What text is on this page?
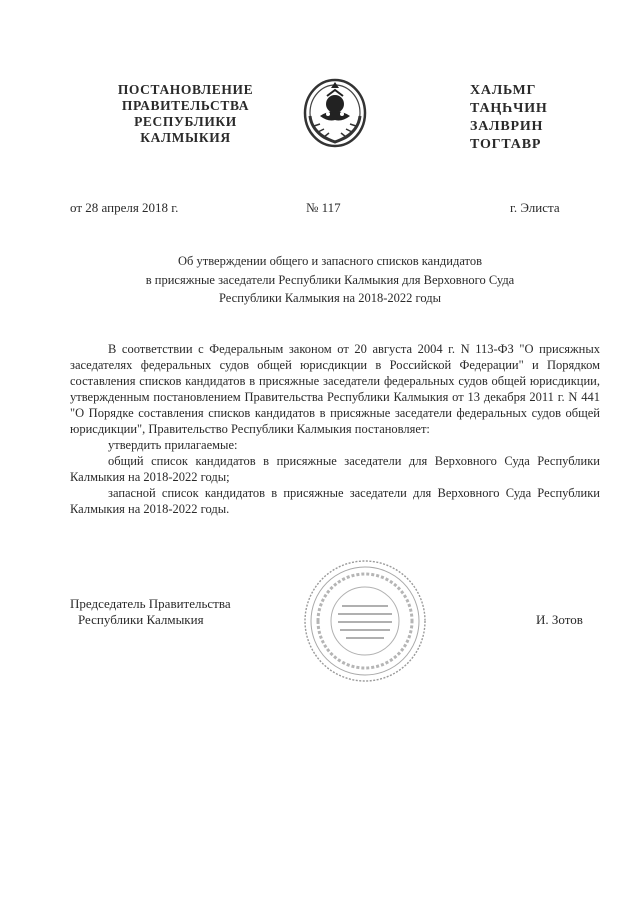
ПОСТАНОВЛЕНИЕ
ПРАВИТЕЛЬСТВА
РЕСПУБЛИКИ
КАЛМЫКИЯ
ХАЛЬМГ
ТАҢҺЧИН
ЗАЛВРИН
ТОГТАВР
от 28 апреля 2018 г.	№ 117	г. Элиста
Об утверждении общего и запасного списков кандидатов
в присяжные заседатели Республики Калмыкия для Верховного Суда
Республики Калмыкия на 2018-2022 годы

В соответствии с Федеральным законом от 20 августа 2004 г. N 113-ФЗ "О присяжных заседателях федеральных судов общей юрисдикции в Российской Федерации" и Порядком составления списков кандидатов в присяжные заседатели федеральных судов общей юрисдикции, утвержденным постановлением Правительства Республики Калмыкия от 13 декабря 2011 г. N 441 "О Порядке составления списков кандидатов в присяжные заседатели федеральных судов общей юрисдикции", Правительство Республики Калмыкия постановляет:

утвердить прилагаемые:

общий список кандидатов в присяжные заседатели для Верховного Суда Республики Калмыкия на 2018-2022 годы;

запасной список кандидатов в присяжные заседатели для Верховного Суда Республики Калмыкия на 2018-2022 годы.

Председатель Правительства
Республики Калмыкия	И. Зотов
